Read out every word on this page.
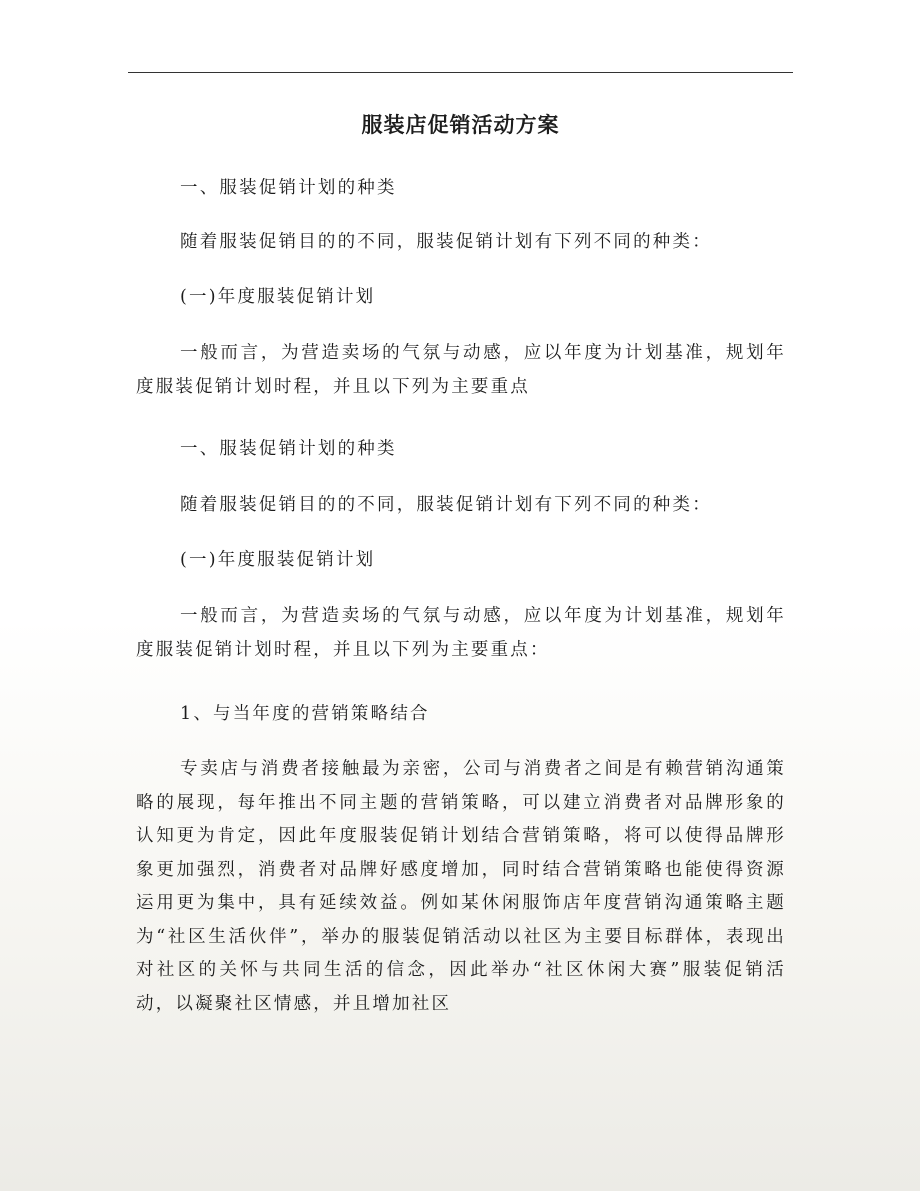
服装店促销活动方案

一、服装促销计划的种类

随着服装促销目的的不同，服装促销计划有下列不同的种类：

(一)年度服装促销计划

一般而言，为营造卖场的气氛与动感，应以年度为计划基准，规划年度服装促销计划时程，并且以下列为主要重点

一、服装促销计划的种类

随着服装促销目的的不同，服装促销计划有下列不同的种类：

(一)年度服装促销计划

一般而言，为营造卖场的气氛与动感，应以年度为计划基准，规划年度服装促销计划时程，并且以下列为主要重点：

1、与当年度的营销策略结合

专卖店与消费者接触最为亲密，公司与消费者之间是有赖营销沟通策略的展现，每年推出不同主题的营销策略，可以建立消费者对品牌形象的认知更为肯定，因此年度服装促销计划结合营销策略，将可以使得品牌形象更加强烈，消费者对品牌好感度增加，同时结合营销策略也能使得资源运用更为集中，具有延续效益。例如某休闲服饰店年度营销沟通策略主题为“社区生活伙伴”，举办的服装促销活动以社区为主要目标群体，表现出对社区的关怀与共同生活的信念，因此举办“社区休闲大赛”服装促销活动，以凝聚社区情感，并且增加社区
